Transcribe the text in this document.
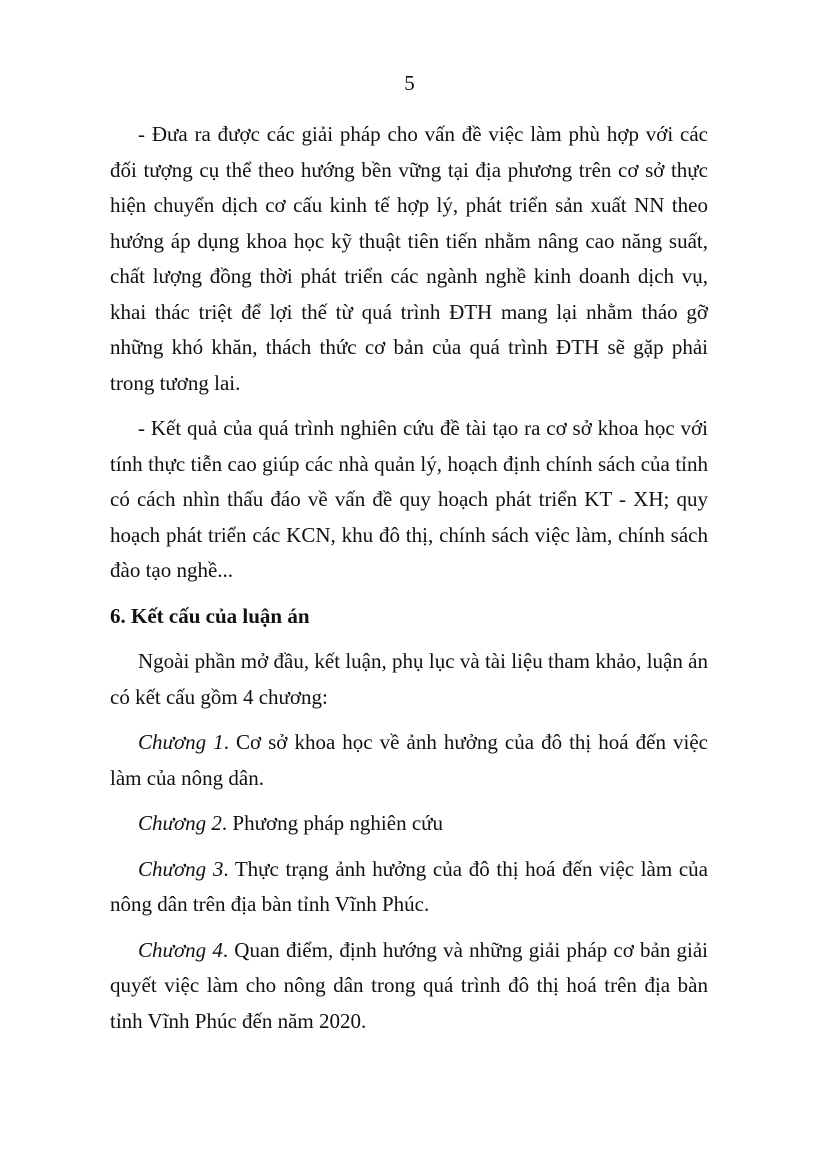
5

- Đưa ra được các giải pháp cho vấn đề việc làm phù hợp với các đối tượng cụ thể theo hướng bền vững tại địa phương trên cơ sở thực hiện chuyển dịch cơ cấu kinh tế hợp lý, phát triển sản xuất NN theo hướng áp dụng khoa học kỹ thuật tiên tiến nhằm nâng cao năng suất, chất lượng đồng thời phát triển các ngành nghề kinh doanh dịch vụ, khai thác triệt để lợi thế từ quá trình ĐTH mang lại nhằm tháo gỡ những khó khăn, thách thức cơ bản của quá trình ĐTH sẽ gặp phải trong tương lai.

- Kết quả của quá trình nghiên cứu đề tài tạo ra cơ sở khoa học với tính thực tiễn cao giúp các nhà quản lý, hoạch định chính sách của tỉnh có cách nhìn thấu đáo về vấn đề quy hoạch phát triển KT - XH; quy hoạch phát triển các KCN, khu đô thị, chính sách việc làm, chính sách đào tạo nghề...

6. Kết cấu của luận án

Ngoài phần mở đầu, kết luận, phụ lục và tài liệu tham khảo, luận án có kết cấu gồm 4 chương:

Chương 1. Cơ sở khoa học về ảnh hưởng của đô thị hoá đến việc làm của nông dân.

Chương 2. Phương pháp nghiên cứu

Chương 3. Thực trạng ảnh hưởng của đô thị hoá đến việc làm của nông dân trên địa bàn tỉnh Vĩnh Phúc.

Chương 4. Quan điểm, định hướng và những giải pháp cơ bản giải quyết việc làm cho nông dân trong quá trình đô thị hoá trên địa bàn tỉnh Vĩnh Phúc đến năm 2020.
